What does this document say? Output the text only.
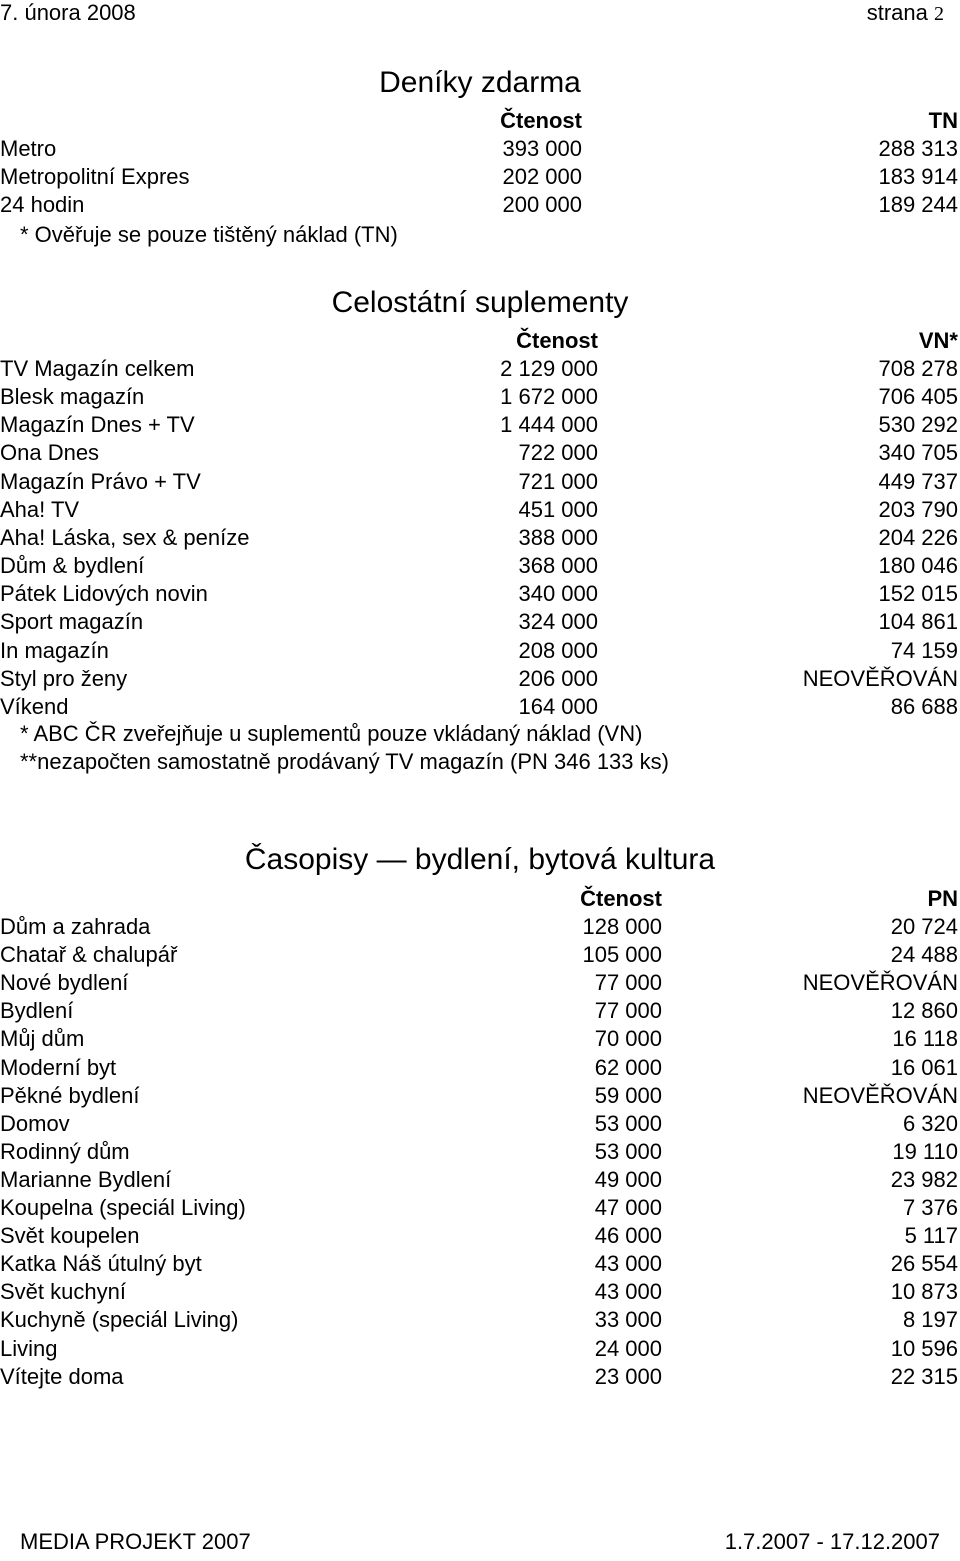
7. února 2008	strana 2
Deníky zdarma
Čtenost	TN
Metro	393 000	288 313
Metropolitní Expres	202 000	183 914
24 hodin	200 000	189 244
* Ověřuje se pouze tištěný náklad (TN)
Celostátní suplementy
Čtenost	VN*
TV Magazín celkem	2 129 000	708 278
Blesk magazín	1 672 000	706 405
Magazín Dnes + TV	1 444 000	530 292
Ona Dnes	722 000	340 705
Magazín Právo + TV	721 000	449 737
Aha! TV	451 000	203 790
Aha! Láska, sex & peníze	388 000	204 226
Dům & bydlení	368 000	180 046
Pátek Lidových novin	340 000	152 015
Sport magazín	324 000	104 861
In magazín	208 000	74 159
Styl pro ženy	206 000	NEOVĚŘOVÁN
Víkend	164 000	86 688
* ABC ČR zveřejňuje u suplementů pouze vkládaný náklad (VN)
**nezapočten samostatně prodávaný TV magazín (PN 346 133 ks)
Časopisy — bydlení, bytová kultura
Čtenost	PN
Dům a zahrada	128 000	20 724
Chatař & chalupář	105 000	24 488
Nové bydlení	77 000	NEOVĚŘOVÁN
Bydlení	77 000	12 860
Můj dům	70 000	16 118
Moderní byt	62 000	16 061
Pěkné bydlení	59 000	NEOVĚŘOVÁN
Domov	53 000	6 320
Rodinný dům	53 000	19 110
Marianne Bydlení	49 000	23 982
Koupelna (speciál Living)	47 000	7 376
Svět koupelen	46 000	5 117
Katka Náš útulný byt	43 000	26 554
Svět kuchyní	43 000	10 873
Kuchyně (speciál Living)	33 000	8 197
Living	24 000	10 596
Vítejte doma	23 000	22 315
MEDIA PROJEKT 2007	1.7.2007 - 17.12.2007
